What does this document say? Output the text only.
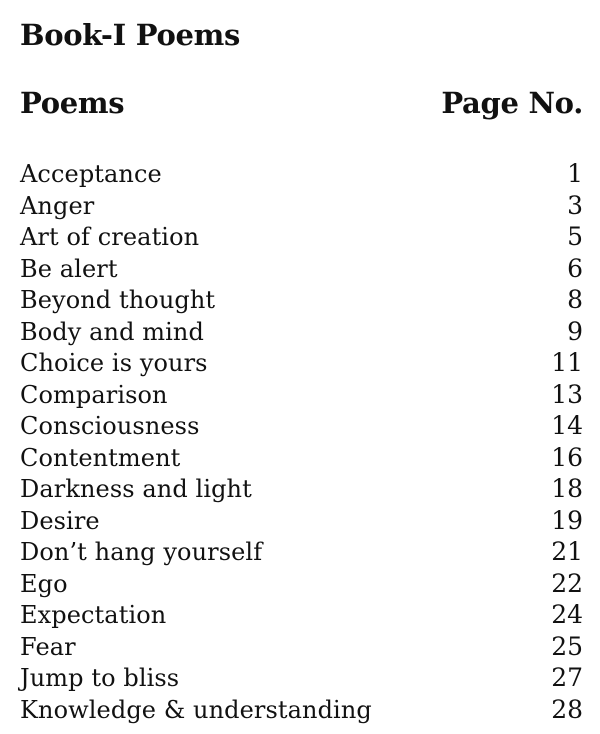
Book-I Poems
Poems	Page No.
Acceptance	1
Anger	3
Art of creation	5
Be alert	6
Beyond thought	8
Body and mind	9
Choice is yours	11
Comparison	13
Consciousness	14
Contentment	16
Darkness and light	18
Desire	19
Don’t hang yourself	21
Ego	22
Expectation	24
Fear	25
Jump to bliss	27
Knowledge & understanding	28
